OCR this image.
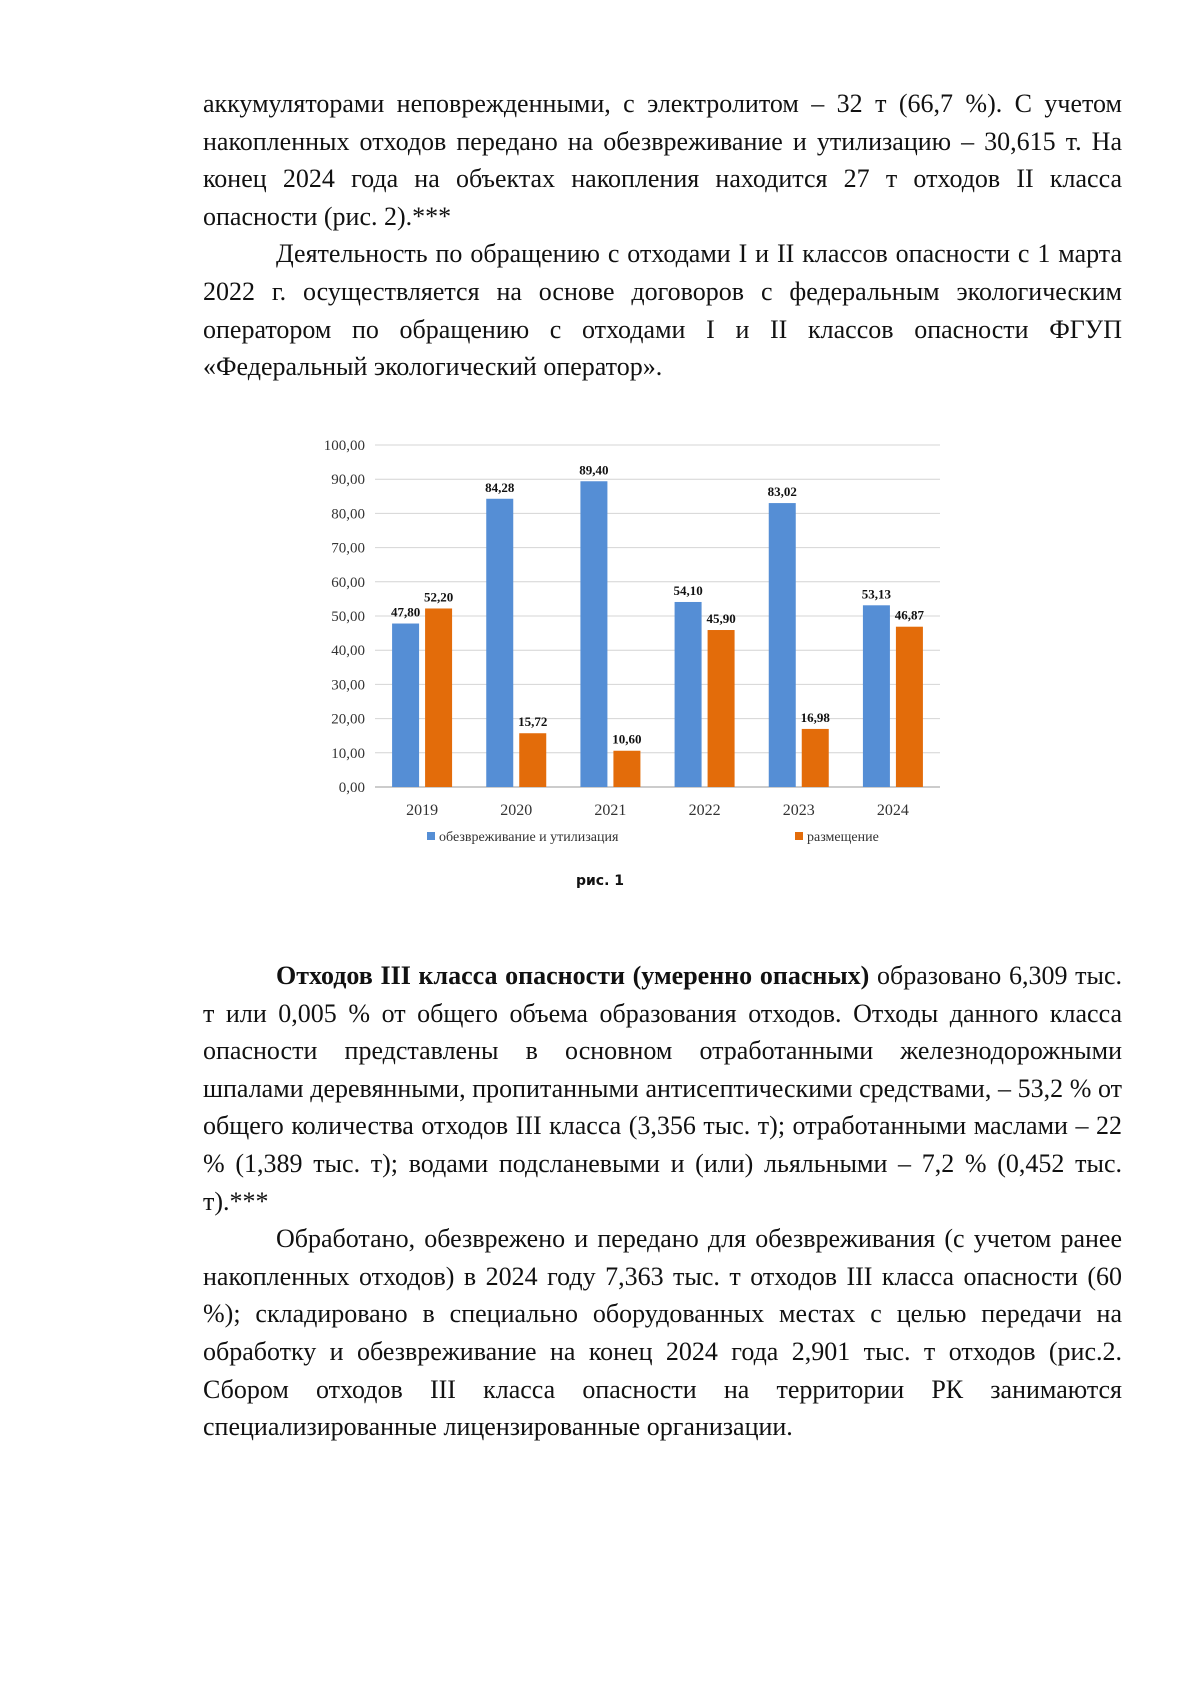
аккумуляторами неповрежденными, с электролитом – 32 т (66,7 %). С учетом накопленных отходов передано на обезвреживание и утилизацию – 30,615 т. На конец 2024 года на объектах накопления находится 27 т отходов II класса опасности (рис. 2).***

Деятельность по обращению с отходами I и II классов опасности с 1 марта 2022 г. осуществляется на основе договоров с федеральным экологическим оператором по обращению с отходами I и II классов опасности ФГУП «Федеральный экологический оператор».

0,00
10,00
20,00
30,00
40,00
50,00
60,00
70,00
80,00
90,00
100,00
47,80
52,20
2019
84,28
15,72
2020
89,40
10,60
2021
54,10
45,90
2022
83,02
16,98
2023
53,13
46,87
2024
обезвреживание и утилизация	размещение
рис. 1

Отходов III класса опасности (умеренно опасных) образовано 6,309 тыс. т или 0,005 % от общего объема образования отходов. Отходы данного класса опасности представлены в основном отработанными железнодорожными шпалами деревянными, пропитанными антисептическими средствами, – 53,2 % от общего количества отходов III класса (3,356 тыс. т); отработанными маслами – 22 % (1,389 тыс. т); водами подсланевыми и (или) льяльными – 7,2 % (0,452 тыс. т).***

Обработано, обезврежено и передано для обезвреживания (с учетом ранее накопленных отходов) в 2024 году 7,363 тыс. т отходов III класса опасности (60 %); складировано в специально оборудованных местах с целью передачи на обработку и обезвреживание на конец 2024 года 2,901 тыс. т отходов (рис.2. Сбором отходов III класса опасности на территории РК занимаются специализированные лицензированные организации.
